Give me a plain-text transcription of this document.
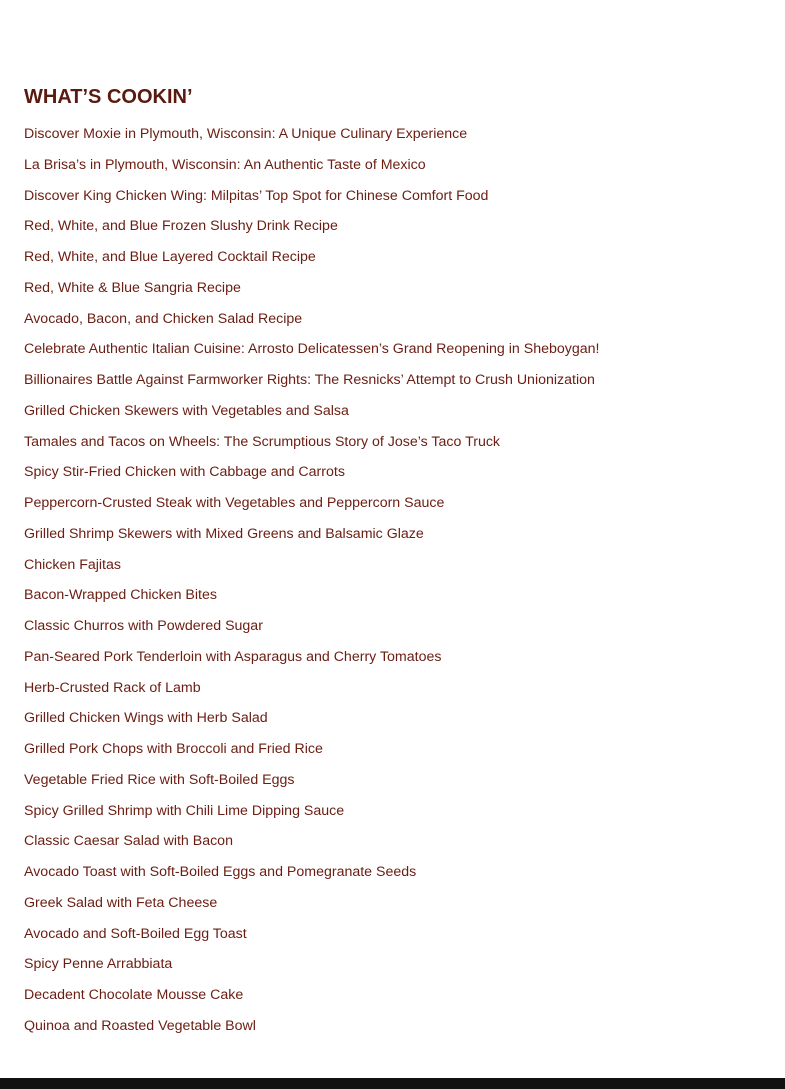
WHAT’S COOKIN’
Discover Moxie in Plymouth, Wisconsin: A Unique Culinary Experience
La Brisa’s in Plymouth, Wisconsin: An Authentic Taste of Mexico
Discover King Chicken Wing: Milpitas’ Top Spot for Chinese Comfort Food
Red, White, and Blue Frozen Slushy Drink Recipe
Red, White, and Blue Layered Cocktail Recipe
Red, White & Blue Sangria Recipe
Avocado, Bacon, and Chicken Salad Recipe
Celebrate Authentic Italian Cuisine: Arrosto Delicatessen’s Grand Reopening in Sheboygan!
Billionaires Battle Against Farmworker Rights: The Resnicks’ Attempt to Crush Unionization
Grilled Chicken Skewers with Vegetables and Salsa
Tamales and Tacos on Wheels: The Scrumptious Story of Jose’s Taco Truck
Spicy Stir-Fried Chicken with Cabbage and Carrots
Peppercorn-Crusted Steak with Vegetables and Peppercorn Sauce
Grilled Shrimp Skewers with Mixed Greens and Balsamic Glaze
Chicken Fajitas
Bacon-Wrapped Chicken Bites
Classic Churros with Powdered Sugar
Pan-Seared Pork Tenderloin with Asparagus and Cherry Tomatoes
Herb-Crusted Rack of Lamb
Grilled Chicken Wings with Herb Salad
Grilled Pork Chops with Broccoli and Fried Rice
Vegetable Fried Rice with Soft-Boiled Eggs
Spicy Grilled Shrimp with Chili Lime Dipping Sauce
Classic Caesar Salad with Bacon
Avocado Toast with Soft-Boiled Eggs and Pomegranate Seeds
Greek Salad with Feta Cheese
Avocado and Soft-Boiled Egg Toast
Spicy Penne Arrabbiata
Decadent Chocolate Mousse Cake
Quinoa and Roasted Vegetable Bowl
